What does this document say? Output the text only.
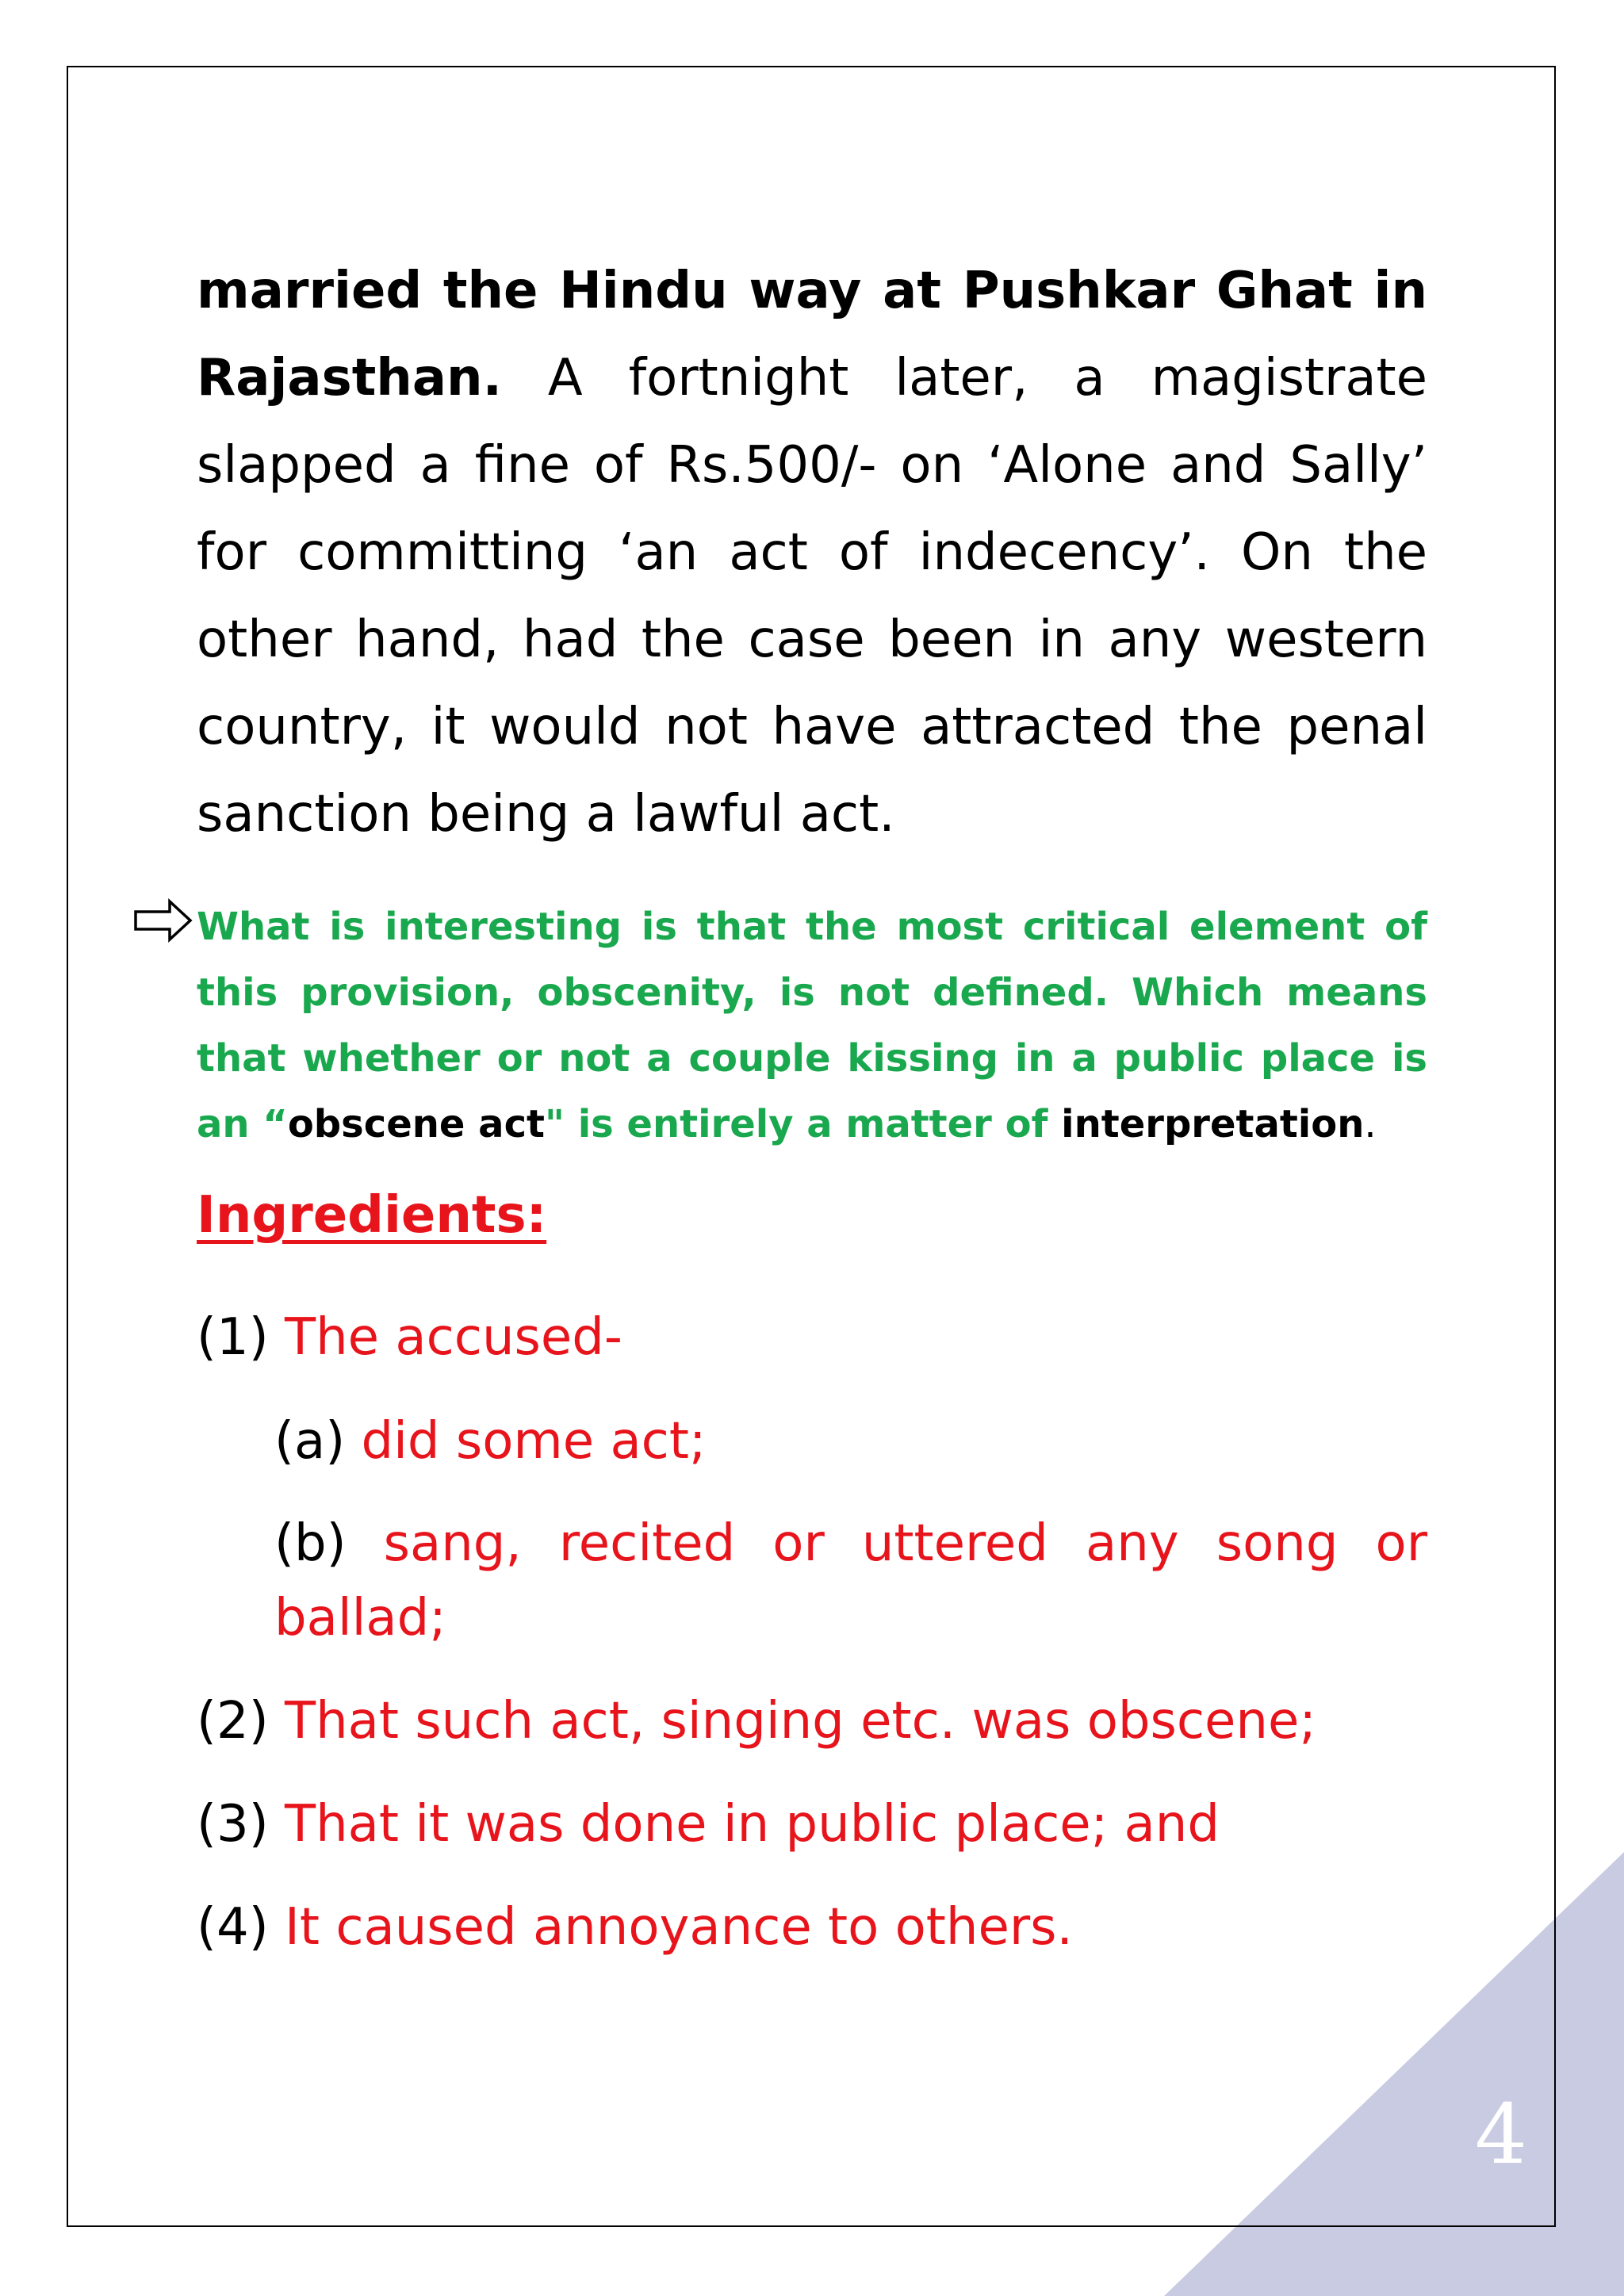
4

married the Hindu way at Pushkar Ghat in Rajasthan. A fortnight later, a magistrate slapped a fine of Rs.500/- on ‘Alone and Sally’ for committing ‘an act of indecency’. On the other hand, had the case been in any western country, it would not have attracted the penal sanction being a lawful act.

What is interesting is that the most critical element of this provision, obscenity, is not defined. Which means that whether or not a couple kissing in a public place is an “obscene act" is entirely a matter of interpretation.

Ingredients:

(1) The accused-

(a) did some act;

(b) sang, recited or uttered any song or ballad;

(2) That such act, singing etc. was obscene;

(3) That it was done in public place; and

(4) It caused annoyance to others.
